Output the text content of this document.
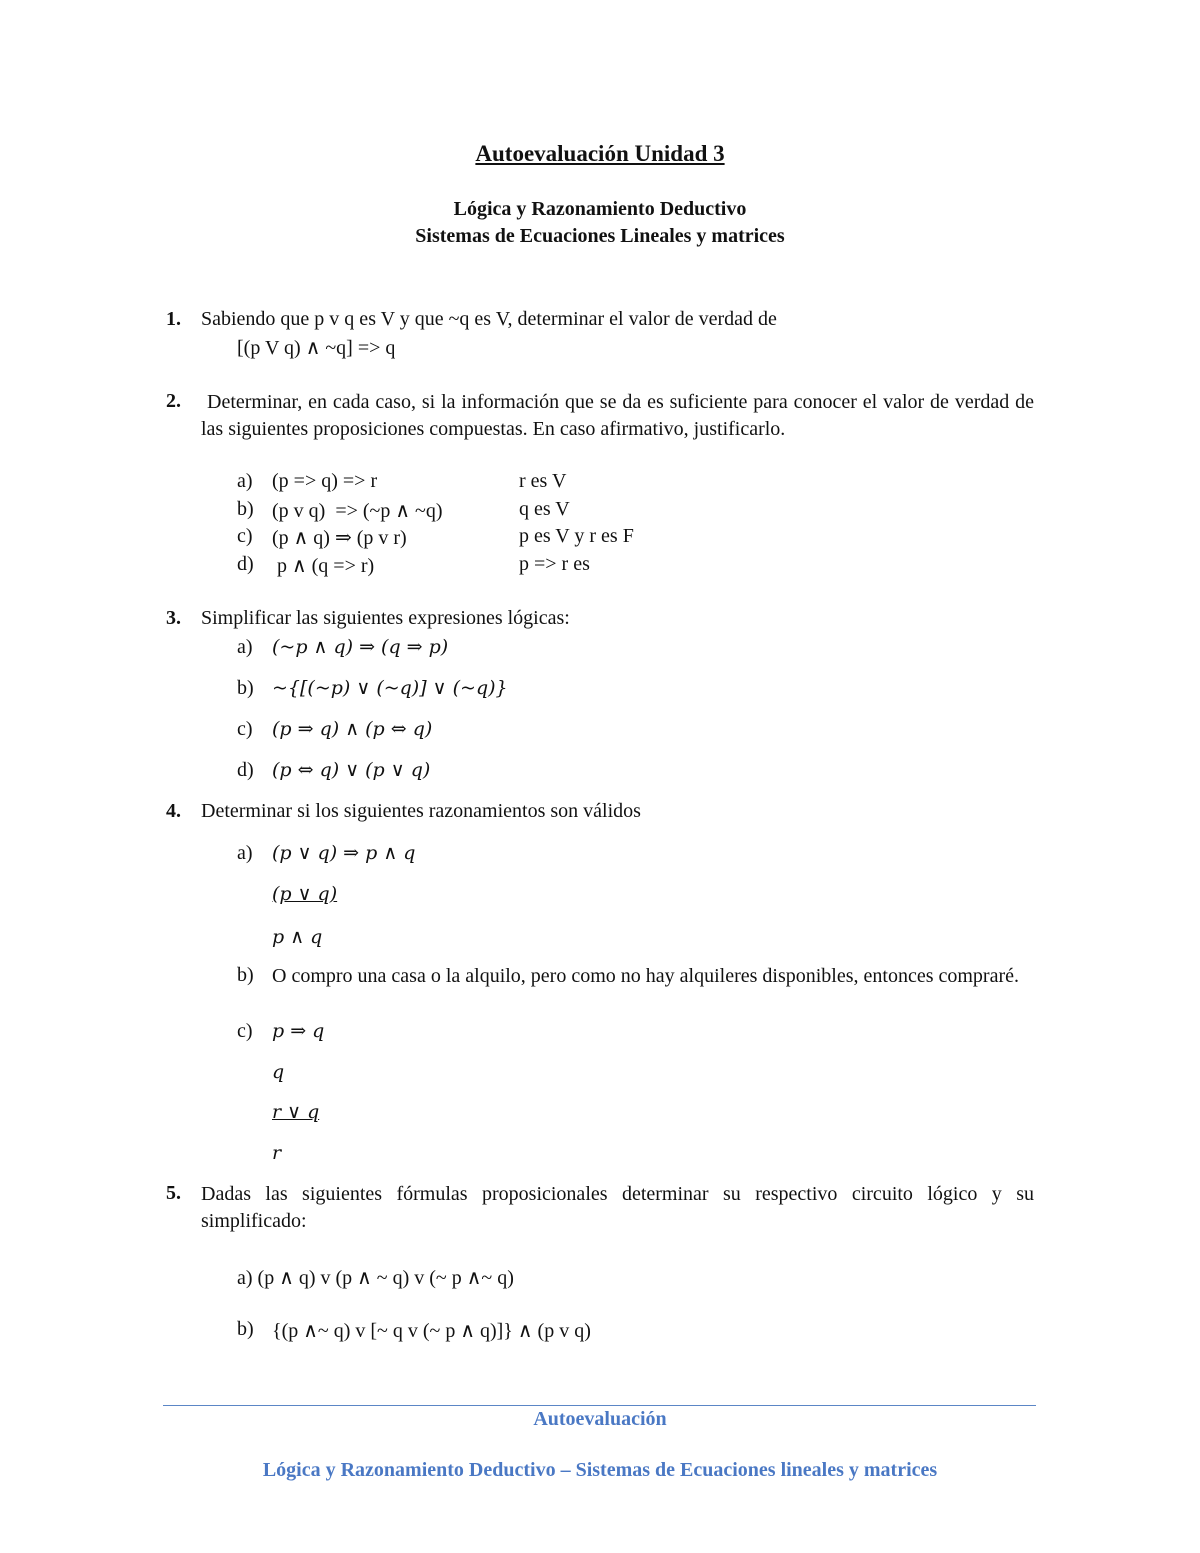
Autoevaluación Unidad 3
Lógica y Razonamiento Deductivo
Sistemas de Ecuaciones Lineales y matrices
1. Sabiendo que p v q es V y que ~q es V, determinar el valor de verdad de
[(p V q) ∧ ~q] => q
2.	Determinar, en cada caso, si la información que se da es suficiente para conocer el valor de verdad de las siguientes proposiciones compuestas. En caso afirmativo, justificarlo.
a) (p => q) => r	r es V
b) (p v q)  => (~p ∧ ~q)	q es V
c) (p ∧ q) ⇒ (p v r)	p es V y r es F
d) p ∧ (q => r)	p => r es
3. Simplificar las siguientes expresiones lógicas:
a) (~p ∧ q) ⇒ (q ⇒ p)
b) ~{[(~p) ∨ (~q)] ∨ (~q)}
c) (p ⇒ q) ∧ (p ⇔ q)
d) (p ⇔ q) ∨ (p ∨ q)
4. Determinar si los siguientes razonamientos son válidos
a) (p ∨ q) ⇒ p ∧ q
(p ∨ q)
p ∧ q
b) O compro una casa o la alquilo, pero como no hay alquileres disponibles, entonces compraré.
c) p ⇒ q
q
r ∨ q
r
5. Dadas las siguientes fórmulas proposicionales determinar su respectivo circuito lógico y su simplificado:
a) (p ∧ q) v (p ∧ ~ q) v (~ p ∧~ q)
b) {(p ∧~ q) v [~ q v (~ p ∧ q)]} ∧ (p v q)
Autoevaluación
Lógica y Razonamiento Deductivo – Sistemas de Ecuaciones lineales y matrices
